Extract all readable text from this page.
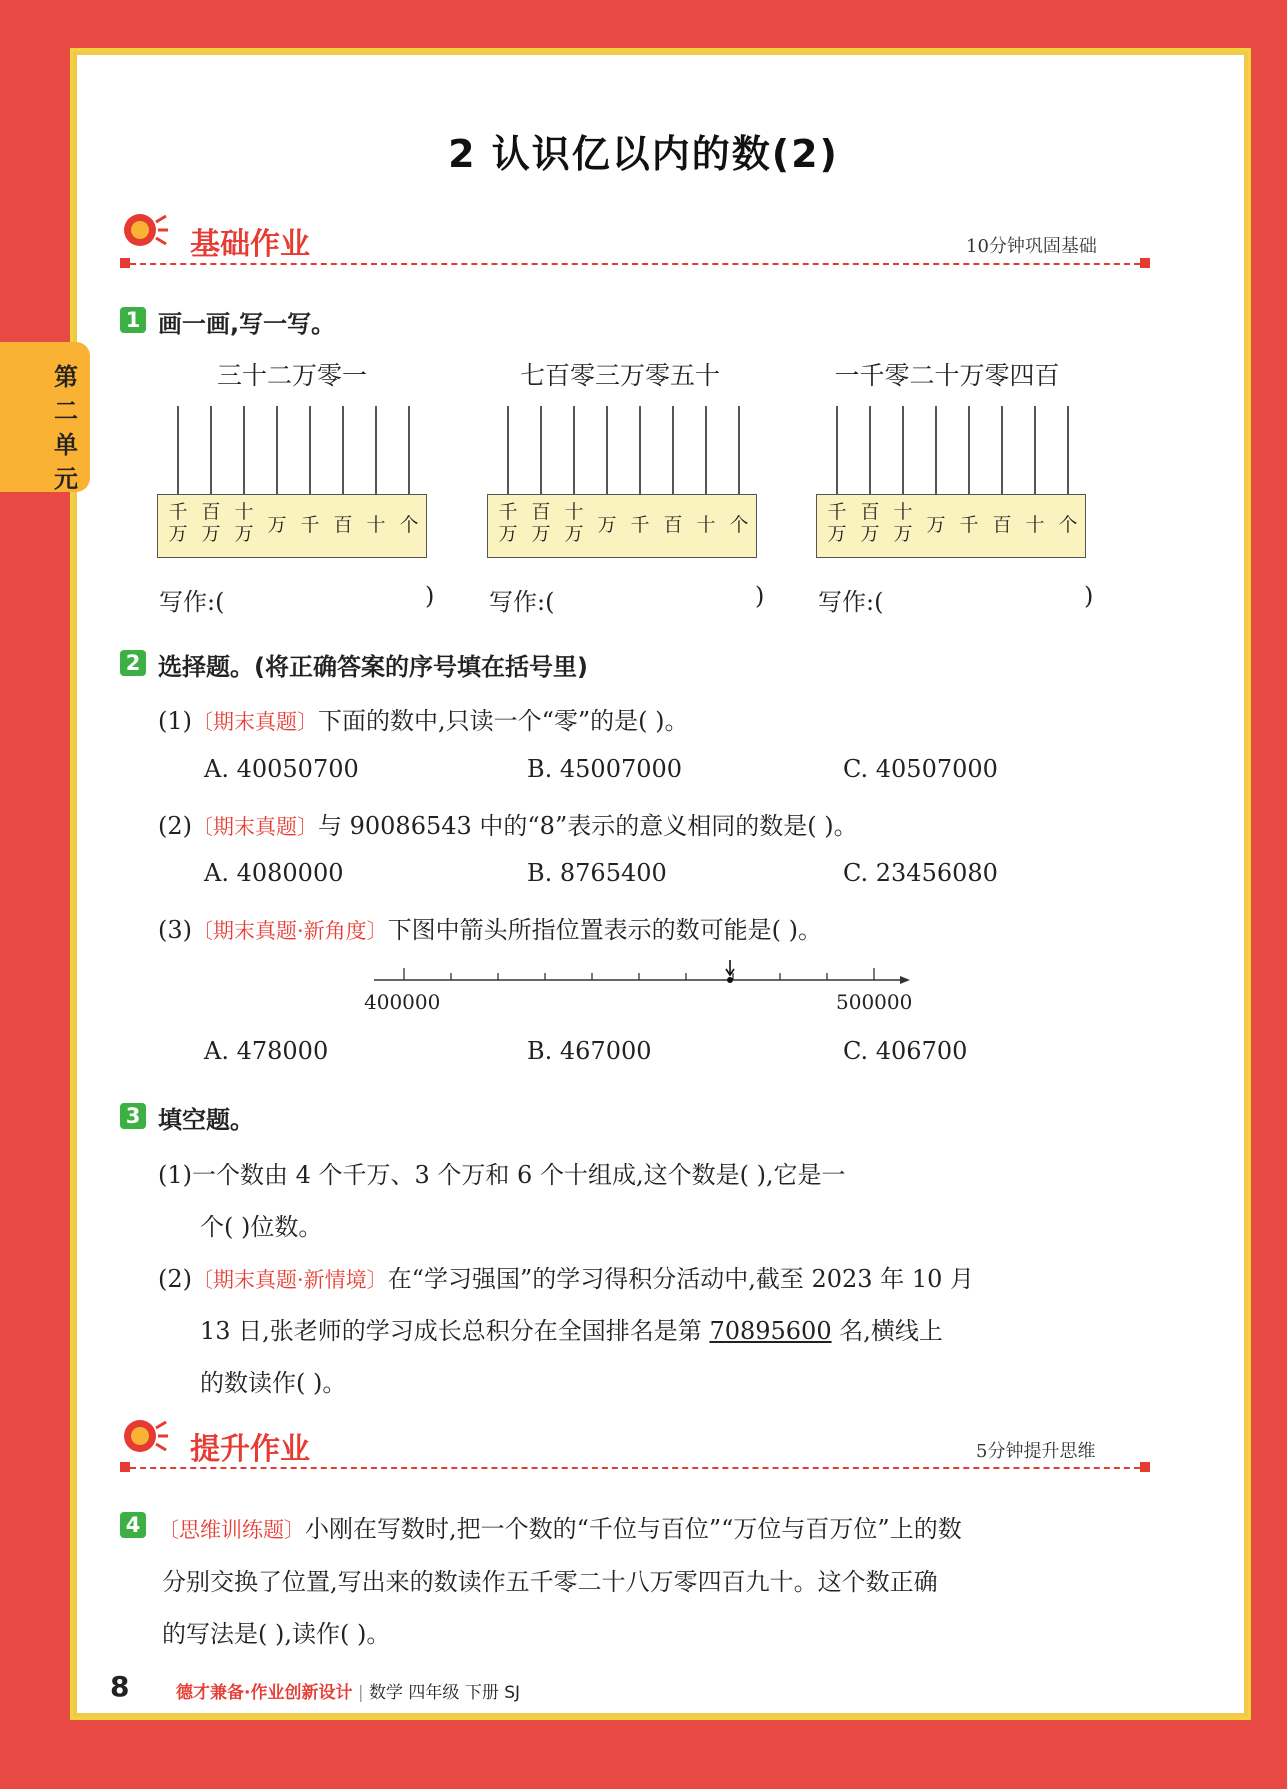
第二单元
2 认识亿以内的数(2)
基础作业	10分钟巩固基础
1 画一画,写一写。
三十二万零一	七百零三万零五十	一千零二十万零四百
千
万
百
万
十
万 万 千 百 十 个
写作:(	)
千
万
百
万
十
万 万 千 百 十 个
写作:(	)
千
万
百
万
十
万 万 千 百 十 个
写作:(	)
2 选择题。(将正确答案的序号填在括号里)
(1)〔期末真题〕下面的数中,只读一个“零”的是( )。
A. 40050700	B. 45007000	C. 40507000
(2)〔期末真题〕与 90086543 中的“8”表示的意义相同的数是( )。
A. 4080000	B. 8765400	C. 23456080
(3)〔期末真题·新角度〕下图中箭头所指位置表示的数可能是( )。
400000	500000
A. 478000	B. 467000	C. 406700
3 填空题。
(1)一个数由 4 个千万、3 个万和 6 个十组成,这个数是( ),它是一
个( )位数。
(2)〔期末真题·新情境〕在“学习强国”的学习得积分活动中,截至 2023 年 10 月
13 日,张老师的学习成长总积分在全国排名是第 70895600 名,横线上
的数读作( )。
提升作业	5分钟提升思维
4 〔思维训练题〕小刚在写数时,把一个数的“千位与百位”“万位与百万位”上的数
分别交换了位置,写出来的数读作五千零二十八万零四百九十。这个数正确
的写法是( ),读作( )。
8	德才兼备·作业创新设计 | 数学 四年级 下册 SJ
